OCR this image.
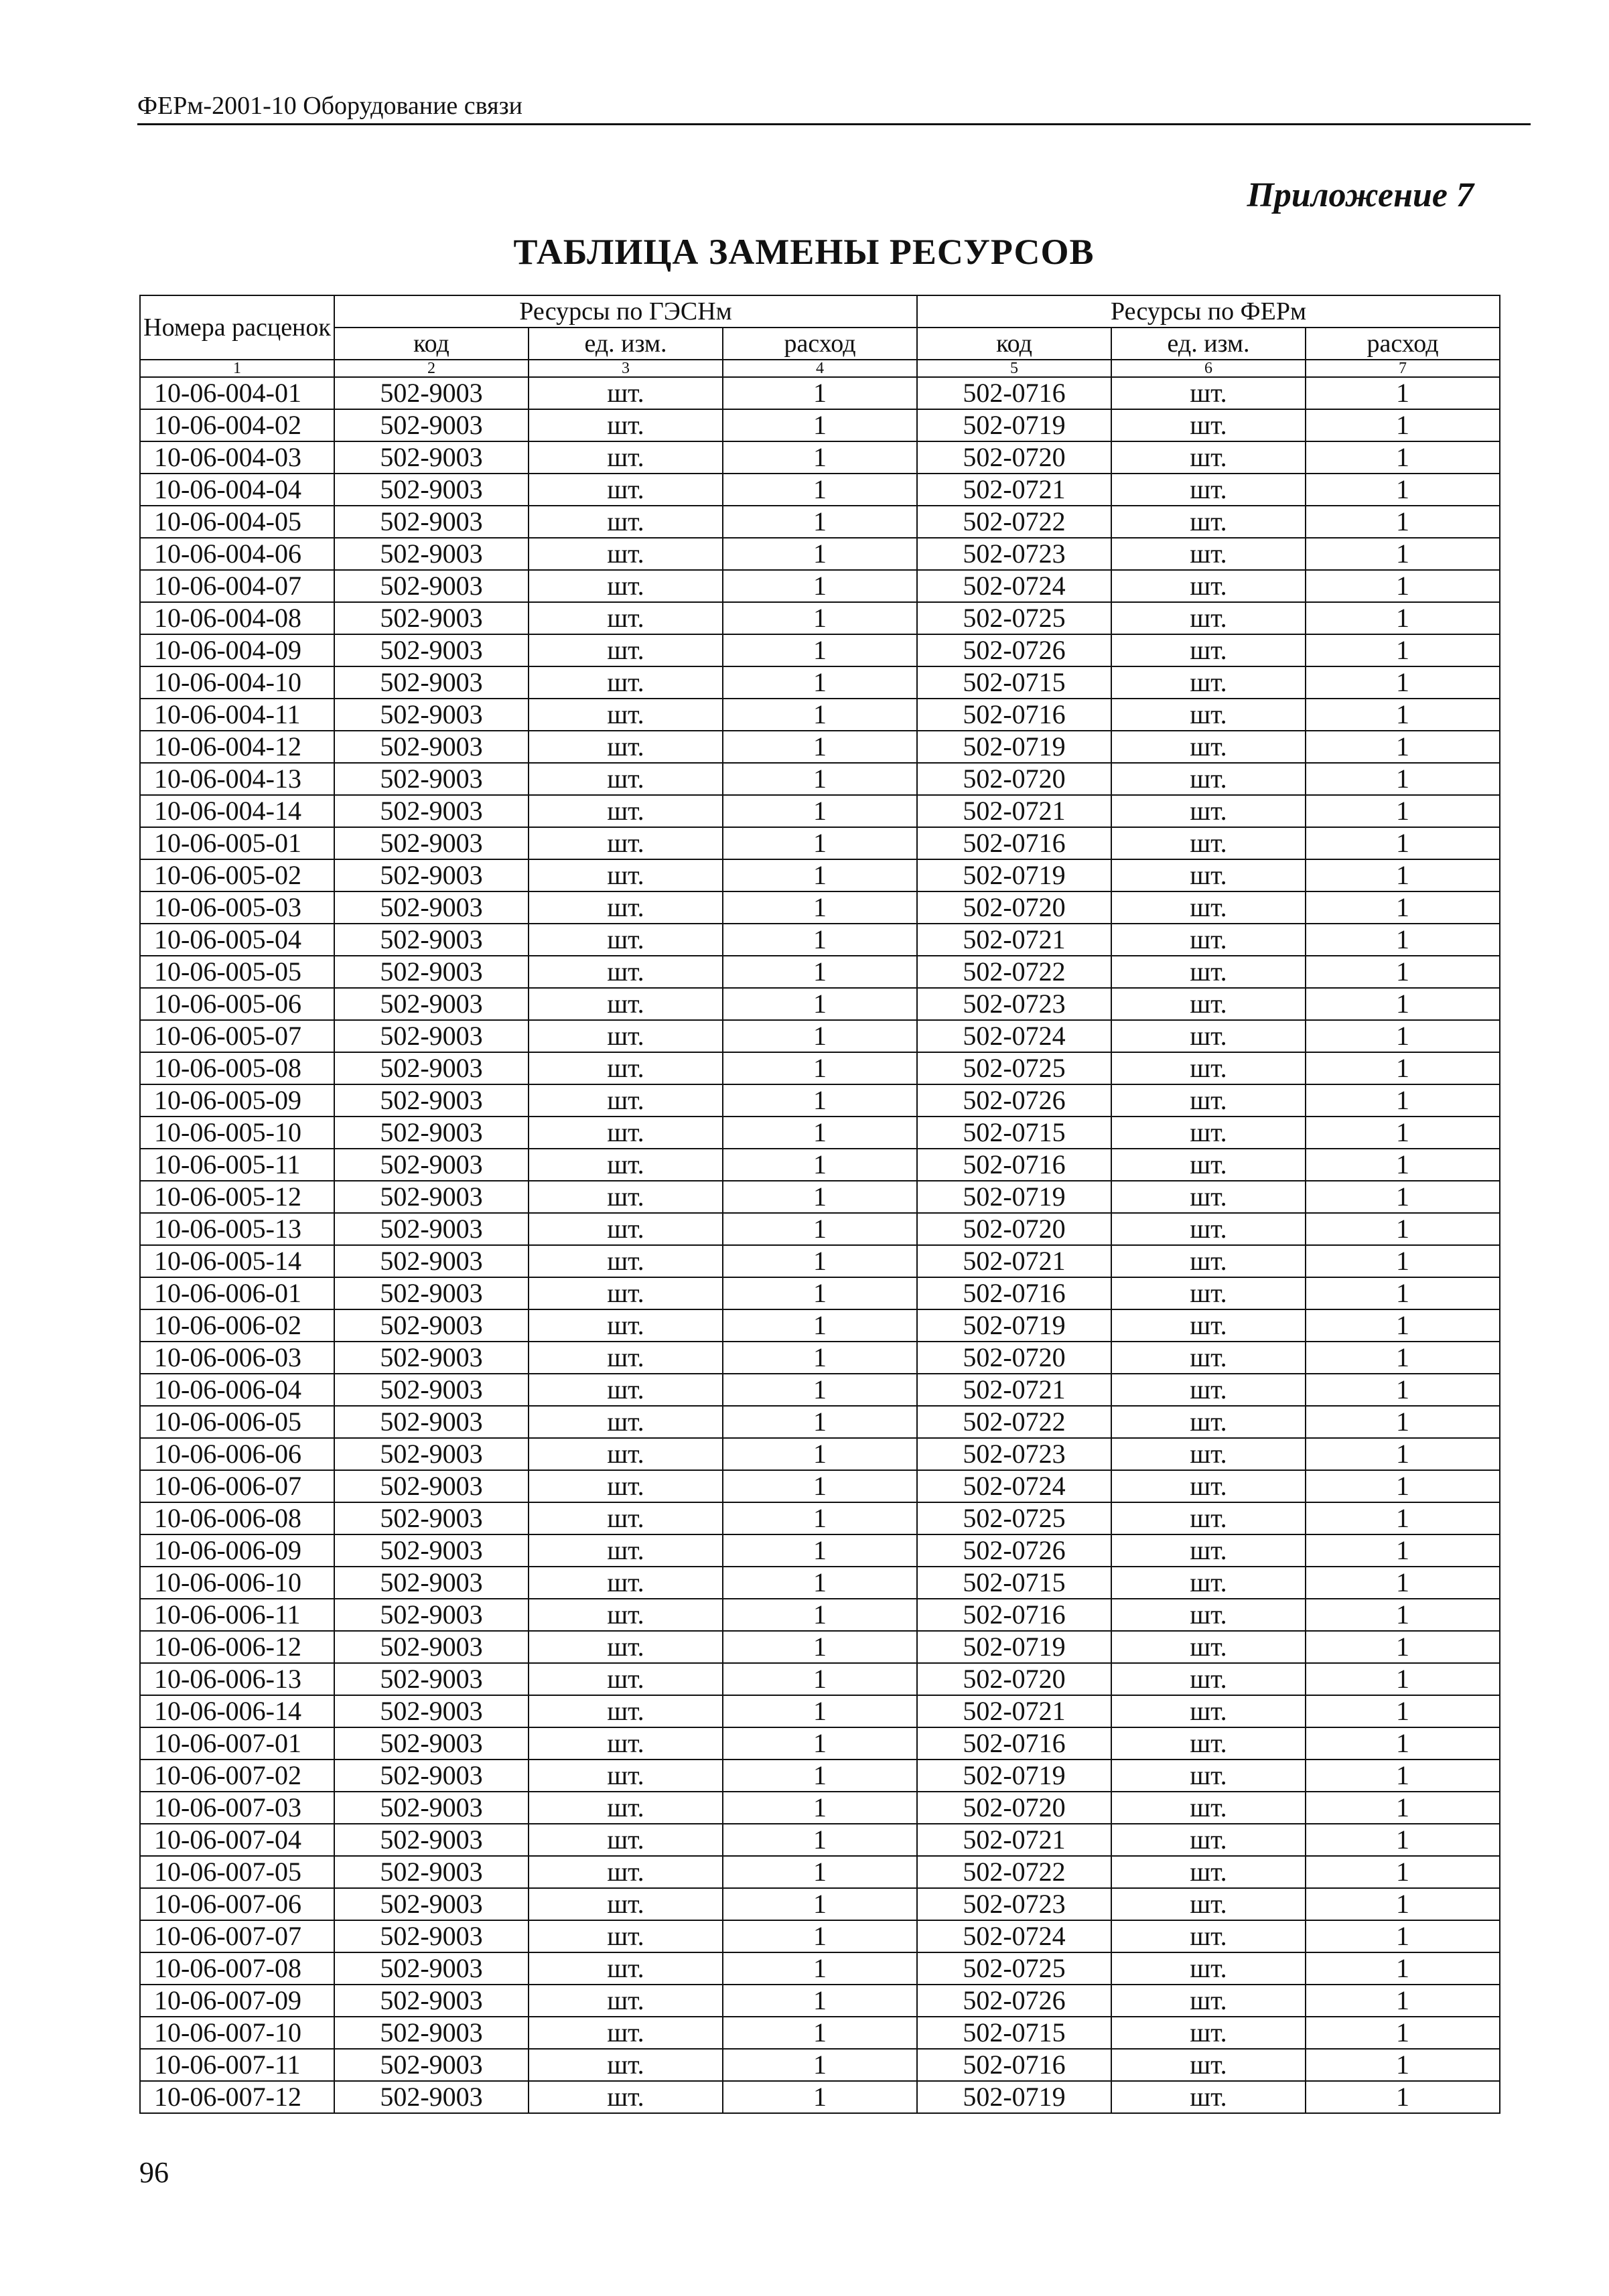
ФЕРм-2001-10 Оборудование связи
Приложение 7
ТАБЛИЦА ЗАМЕНЫ РЕСУРСОВ
Номера расценок	Ресурсы по ГЭСНм			Ресурсы по ФЕРм		
	код	ед. изм.	расход	код	ед. изм.	расход
1	2	3	4	5	6	7
10-06-004-01	502-9003	шт.	1	502-0716	шт.	1
10-06-004-02	502-9003	шт.	1	502-0719	шт.	1
10-06-004-03	502-9003	шт.	1	502-0720	шт.	1
10-06-004-04	502-9003	шт.	1	502-0721	шт.	1
10-06-004-05	502-9003	шт.	1	502-0722	шт.	1
10-06-004-06	502-9003	шт.	1	502-0723	шт.	1
10-06-004-07	502-9003	шт.	1	502-0724	шт.	1
10-06-004-08	502-9003	шт.	1	502-0725	шт.	1
10-06-004-09	502-9003	шт.	1	502-0726	шт.	1
10-06-004-10	502-9003	шт.	1	502-0715	шт.	1
10-06-004-11	502-9003	шт.	1	502-0716	шт.	1
10-06-004-12	502-9003	шт.	1	502-0719	шт.	1
10-06-004-13	502-9003	шт.	1	502-0720	шт.	1
10-06-004-14	502-9003	шт.	1	502-0721	шт.	1
10-06-005-01	502-9003	шт.	1	502-0716	шт.	1
10-06-005-02	502-9003	шт.	1	502-0719	шт.	1
10-06-005-03	502-9003	шт.	1	502-0720	шт.	1
10-06-005-04	502-9003	шт.	1	502-0721	шт.	1
10-06-005-05	502-9003	шт.	1	502-0722	шт.	1
10-06-005-06	502-9003	шт.	1	502-0723	шт.	1
10-06-005-07	502-9003	шт.	1	502-0724	шт.	1
10-06-005-08	502-9003	шт.	1	502-0725	шт.	1
10-06-005-09	502-9003	шт.	1	502-0726	шт.	1
10-06-005-10	502-9003	шт.	1	502-0715	шт.	1
10-06-005-11	502-9003	шт.	1	502-0716	шт.	1
10-06-005-12	502-9003	шт.	1	502-0719	шт.	1
10-06-005-13	502-9003	шт.	1	502-0720	шт.	1
10-06-005-14	502-9003	шт.	1	502-0721	шт.	1
10-06-006-01	502-9003	шт.	1	502-0716	шт.	1
10-06-006-02	502-9003	шт.	1	502-0719	шт.	1
10-06-006-03	502-9003	шт.	1	502-0720	шт.	1
10-06-006-04	502-9003	шт.	1	502-0721	шт.	1
10-06-006-05	502-9003	шт.	1	502-0722	шт.	1
10-06-006-06	502-9003	шт.	1	502-0723	шт.	1
10-06-006-07	502-9003	шт.	1	502-0724	шт.	1
10-06-006-08	502-9003	шт.	1	502-0725	шт.	1
10-06-006-09	502-9003	шт.	1	502-0726	шт.	1
10-06-006-10	502-9003	шт.	1	502-0715	шт.	1
10-06-006-11	502-9003	шт.	1	502-0716	шт.	1
10-06-006-12	502-9003	шт.	1	502-0719	шт.	1
10-06-006-13	502-9003	шт.	1	502-0720	шт.	1
10-06-006-14	502-9003	шт.	1	502-0721	шт.	1
10-06-007-01	502-9003	шт.	1	502-0716	шт.	1
10-06-007-02	502-9003	шт.	1	502-0719	шт.	1
10-06-007-03	502-9003	шт.	1	502-0720	шт.	1
10-06-007-04	502-9003	шт.	1	502-0721	шт.	1
10-06-007-05	502-9003	шт.	1	502-0722	шт.	1
10-06-007-06	502-9003	шт.	1	502-0723	шт.	1
10-06-007-07	502-9003	шт.	1	502-0724	шт.	1
10-06-007-08	502-9003	шт.	1	502-0725	шт.	1
10-06-007-09	502-9003	шт.	1	502-0726	шт.	1
10-06-007-10	502-9003	шт.	1	502-0715	шт.	1
10-06-007-11	502-9003	шт.	1	502-0716	шт.	1
10-06-007-12	502-9003	шт.	1	502-0719	шт.	1
96
